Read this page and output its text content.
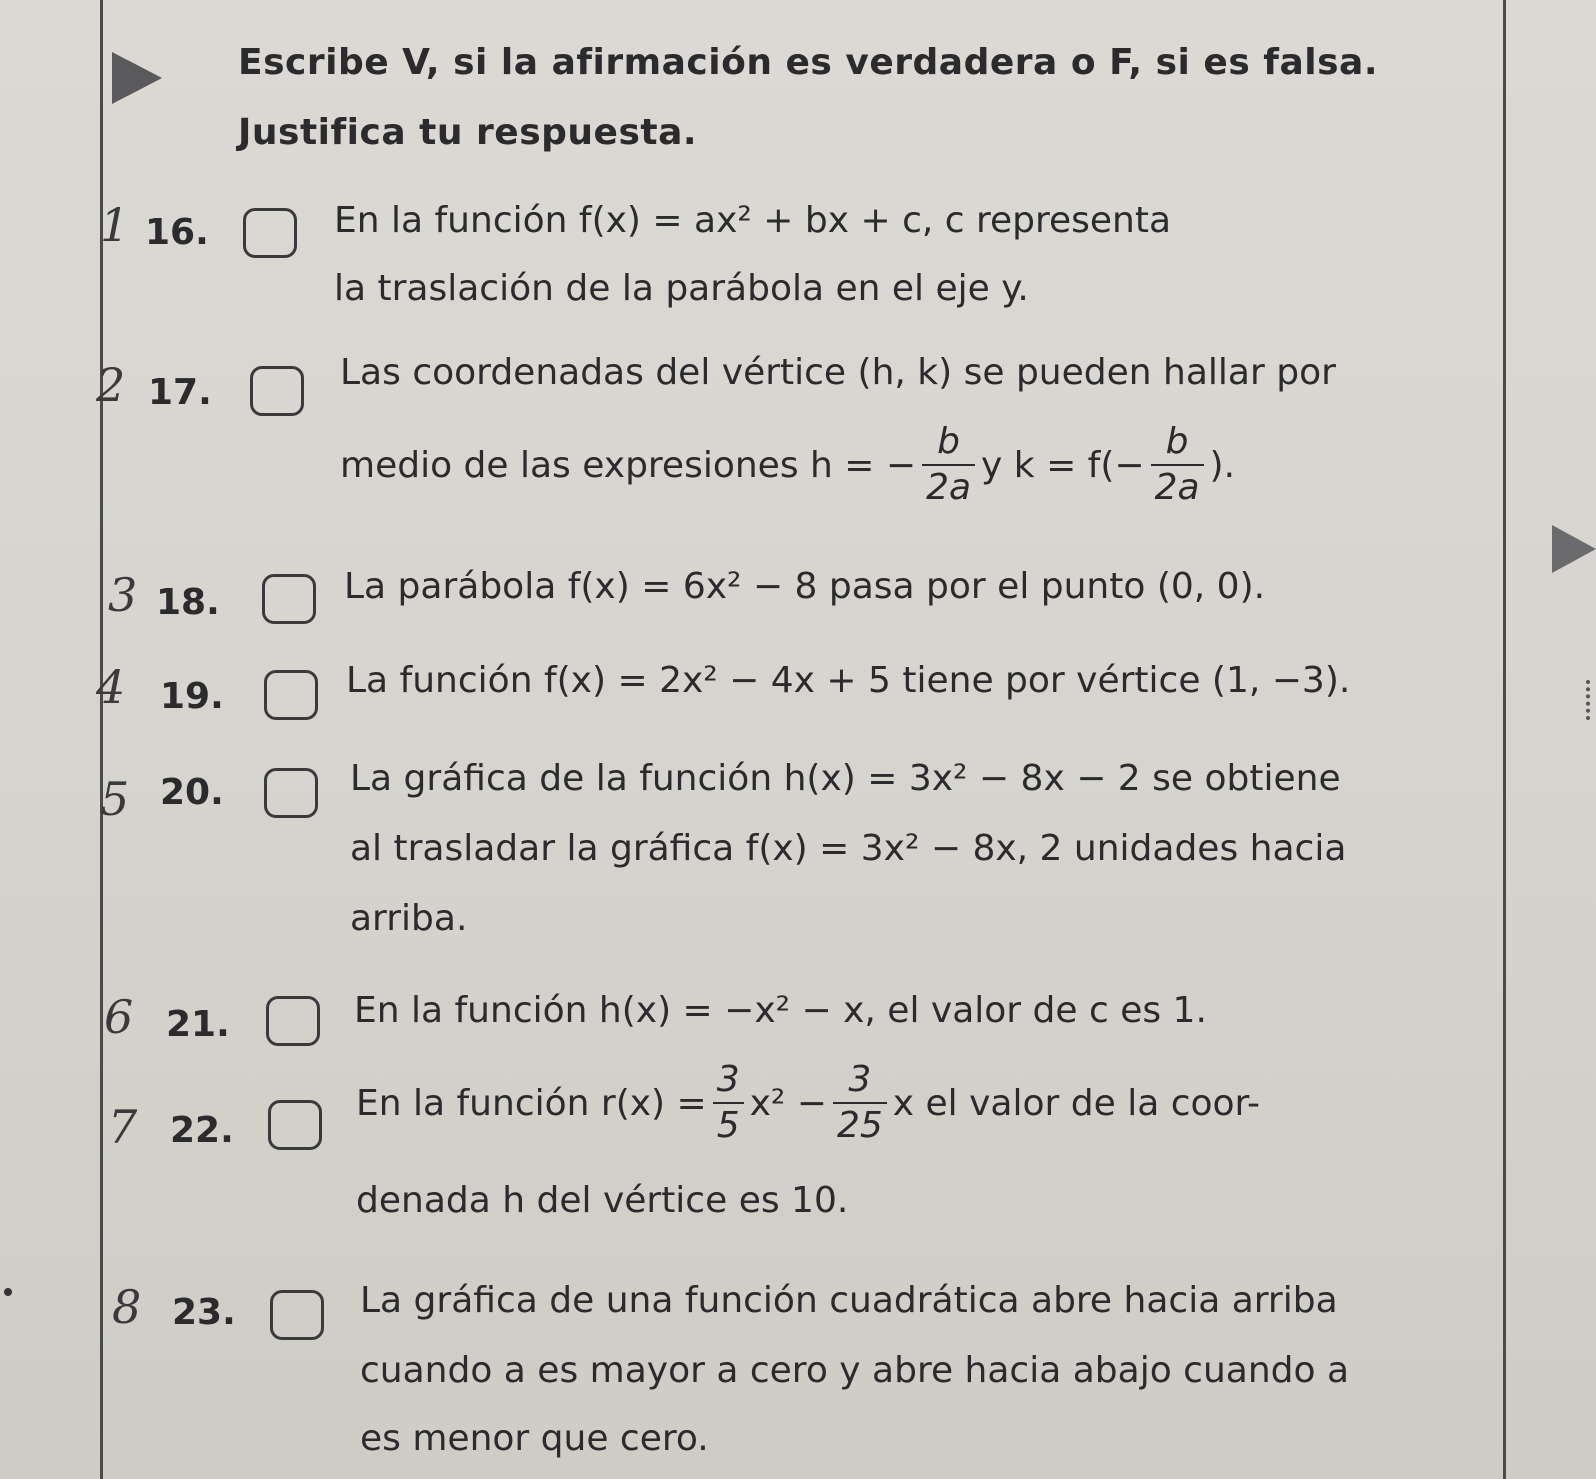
Escribe V, si la afirmación es verdadera o F, si es falsa.
Justifica tu respuesta.
1 16.	En la función f(x) = ax² + bx + c, c representa
la traslación de la parábola en el eje y.
2 17.	Las coordenadas del vértice (h, k) se pueden hallar por
medio de las expresiones h = − $\frac{b}{2a}$ y $k = f(- \frac{b}{2a}$ ).
3 18.	La parábola f(x) = 6x² − 8 pasa por el punto (0, 0).
4 19.	La función f(x) = 2x² − 4x + 5 tiene por vértice (1, −3).
5 20.	La gráfica de la función h(x) = 3x² − 8x − 2 se obtiene
al trasladar la gráfica f(x) = 3x² − 8x, 2 unidades hacia
arriba.
6 21.	En la función h(x) = −x² − x, el valor de c es 1.
7 22.
En la función $r(x) = \frac{3}{5} x^2 - \frac{3}{25}$ x el valor de la coor-
denada h del vértice es 10.
8 23.	La gráfica de una función cuadrática abre hacia arriba
cuando a es mayor a cero y abre hacia abajo cuando a
es menor que cero.
